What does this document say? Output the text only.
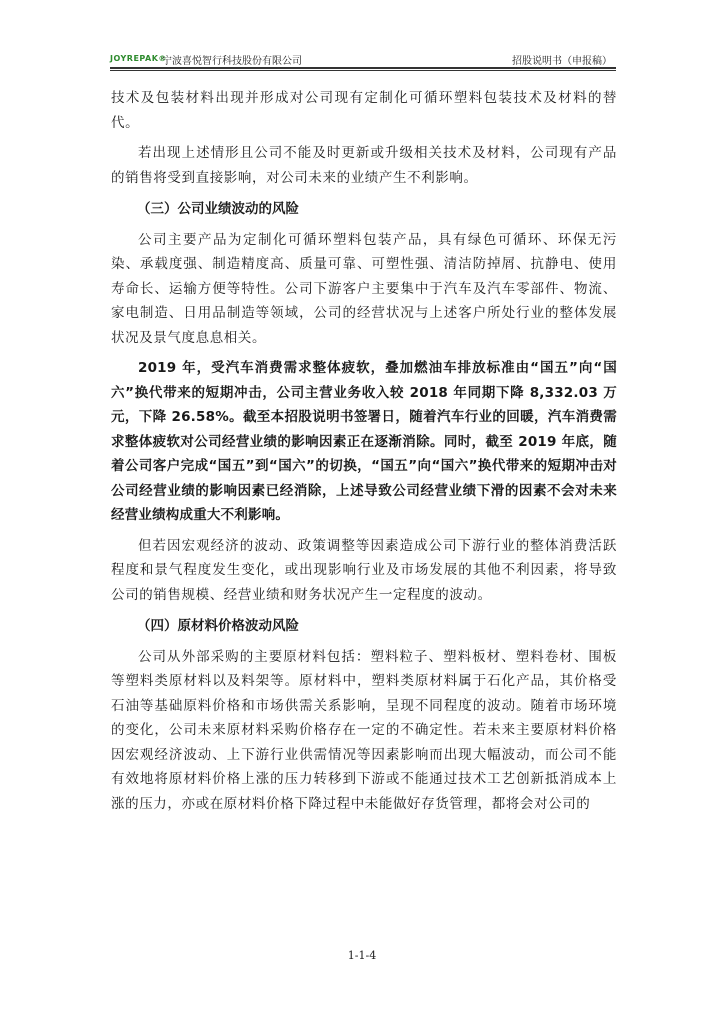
JOYREPAK®
宁波喜悦智行科技股份有限公司	招股说明书（申报稿）

技术及包装材料出现并形成对公司现有定制化可循环塑料包装技术及材料的替代。

若出现上述情形且公司不能及时更新或升级相关技术及材料，公司现有产品的销售将受到直接影响，对公司未来的业绩产生不利影响。

（三）公司业绩波动的风险

公司主要产品为定制化可循环塑料包装产品，具有绿色可循环、环保无污染、承载度强、制造精度高、质量可靠、可塑性强、清洁防掉屑、抗静电、使用寿命长、运输方便等特性。公司下游客户主要集中于汽车及汽车零部件、物流、家电制造、日用品制造等领域，公司的经营状况与上述客户所处行业的整体发展状况及景气度息息相关。

2019 年，受汽车消费需求整体疲软，叠加燃油车排放标准由“国五”向“国六”换代带来的短期冲击，公司主营业务收入较 2018 年同期下降 8,332.03 万元，下降 26.58%。截至本招股说明书签署日，随着汽车行业的回暖，汽车消费需求整体疲软对公司经营业绩的影响因素正在逐渐消除。同时，截至 2019 年底，随着公司客户完成“国五”到“国六”的切换，“国五”向“国六”换代带来的短期冲击对公司经营业绩的影响因素已经消除，上述导致公司经营业绩下滑的因素不会对未来经营业绩构成重大不利影响。

但若因宏观经济的波动、政策调整等因素造成公司下游行业的整体消费活跃程度和景气程度发生变化，或出现影响行业及市场发展的其他不利因素，将导致公司的销售规模、经营业绩和财务状况产生一定程度的波动。

（四）原材料价格波动风险

公司从外部采购的主要原材料包括：塑料粒子、塑料板材、塑料卷材、围板等塑料类原材料以及料架等。原材料中，塑料类原材料属于石化产品，其价格受石油等基础原料价格和市场供需关系影响，呈现不同程度的波动。随着市场环境的变化，公司未来原材料采购价格存在一定的不确定性。若未来主要原材料价格因宏观经济波动、上下游行业供需情况等因素影响而出现大幅波动，而公司不能有效地将原材料价格上涨的压力转移到下游或不能通过技术工艺创新抵消成本上涨的压力，亦或在原材料价格下降过程中未能做好存货管理，都将会对公司的

1-1-4
